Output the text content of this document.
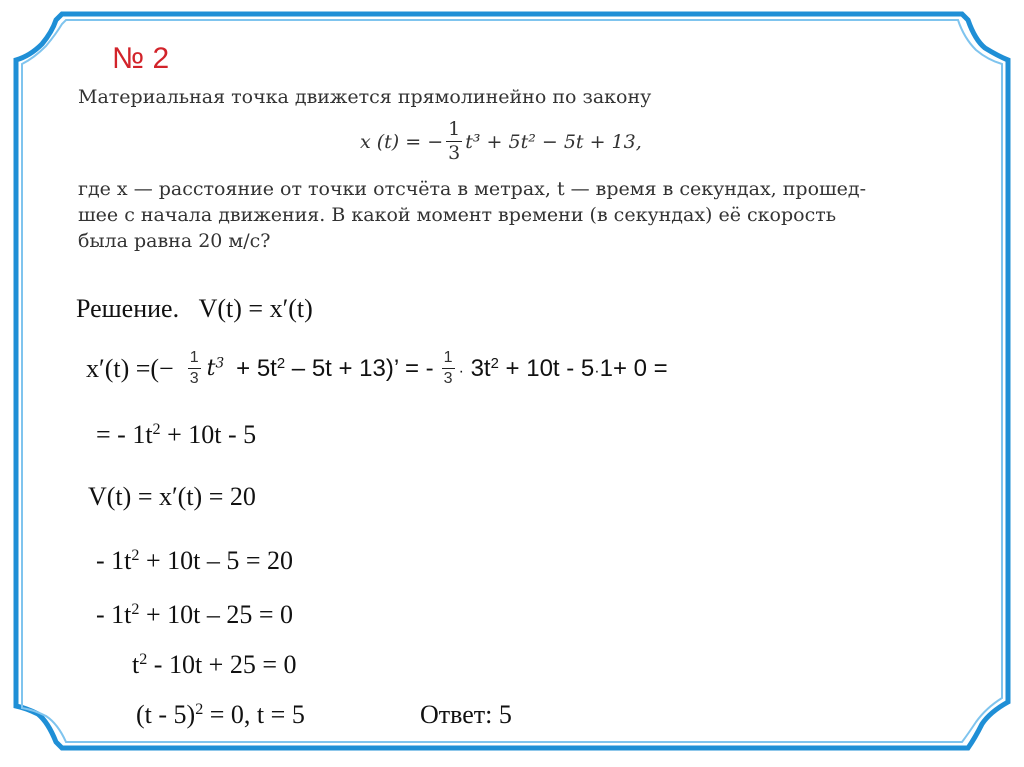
№ 2
Материальная точка движется прямолинейно по закону
x (t) = − $\frac{1}{3} t^3 + 5t^2 - 5t + 13$,
где x — расстояние от точки отсчёта в метрах, t — время в секундах, прошед-
шее с начала движения. В какой момент времени (в секундах) её скорость
была равна 20 м/с?
Решение. V(t) = x′(t)
x′(t) =(− $\frac{1}{3} t^3 + 5t^2 - 5t + 13$)’ = - $\frac{1}{3} \cdot 3t^2 + 10t - 5\cdot 1+ 0$ =
= - $1t^2 + 10t - 5$
V(t) = x′(t) = 20
- $1t^2 + 10t - 5 = 20$
- $1t^2 + 10t - 25 = 0$
$t^2 - 10t + 25 = 0$
(t - 5)$^2$ = 0, t = 5	Ответ: 5
